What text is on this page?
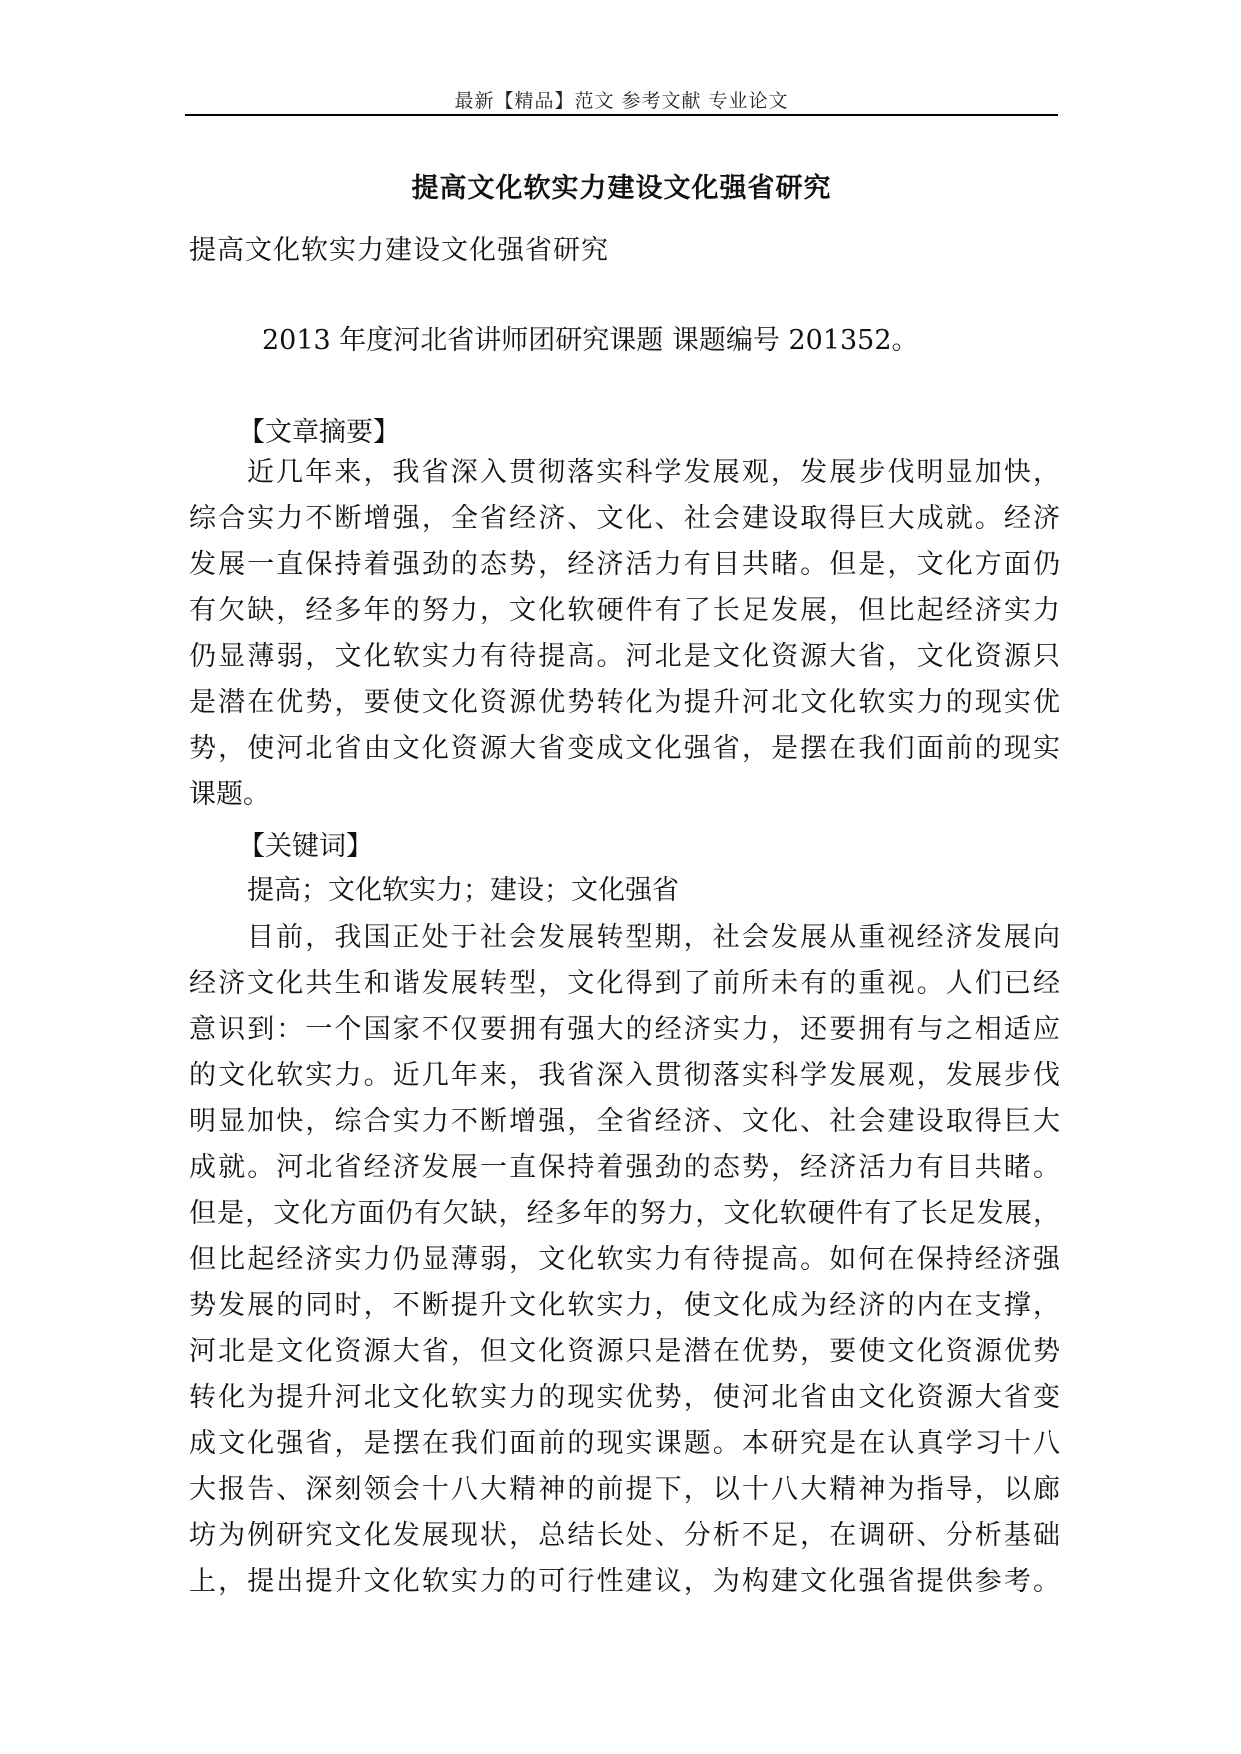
最新【精品】范文 参考文献 专业论文
提高文化软实力建设文化强省研究
提高文化软实力建设文化强省研究
2013 年度河北省讲师团研究课题 课题编号 201352。
【文章摘要】
近几年来，我省深入贯彻落实科学发展观，发展步伐明显加快，
综合实力不断增强，全省经济、文化、社会建设取得巨大成就。经济
发展一直保持着强劲的态势，经济活力有目共睹。但是，文化方面仍
有欠缺，经多年的努力，文化软硬件有了长足发展，但比起经济实力
仍显薄弱，文化软实力有待提高。河北是文化资源大省，文化资源只
是潜在优势，要使文化资源优势转化为提升河北文化软实力的现实优
势，使河北省由文化资源大省变成文化强省，是摆在我们面前的现实
课题。
【关键词】
提高；文化软实力；建设；文化强省
目前，我国正处于社会发展转型期，社会发展从重视经济发展向
经济文化共生和谐发展转型，文化得到了前所未有的重视。人们已经
意识到：一个国家不仅要拥有强大的经济实力，还要拥有与之相适应
的文化软实力。近几年来，我省深入贯彻落实科学发展观，发展步伐
明显加快，综合实力不断增强，全省经济、文化、社会建设取得巨大
成就。河北省经济发展一直保持着强劲的态势，经济活力有目共睹。
但是，文化方面仍有欠缺，经多年的努力，文化软硬件有了长足发展，
但比起经济实力仍显薄弱，文化软实力有待提高。如何在保持经济强
势发展的同时，不断提升文化软实力，使文化成为经济的内在支撑，
河北是文化资源大省，但文化资源只是潜在优势，要使文化资源优势
转化为提升河北文化软实力的现实优势，使河北省由文化资源大省变
成文化强省，是摆在我们面前的现实课题。本研究是在认真学习十八
大报告、深刻领会十八大精神的前提下，以十八大精神为指导，以廊
坊为例研究文化发展现状，总结长处、分析不足，在调研、分析基础
上，提出提升文化软实力的可行性建议，为构建文化强省提供参考。
